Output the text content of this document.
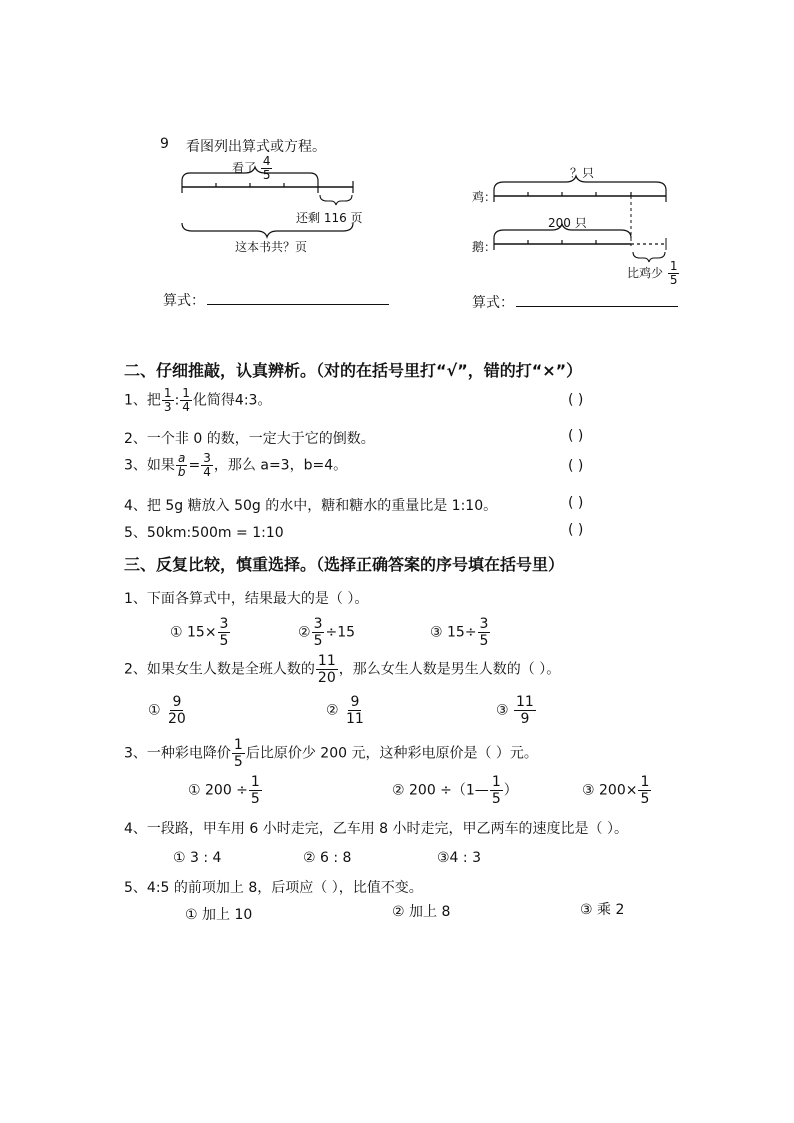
9 看图列出算式或方程。
看了 $\frac{4}{5}$
还剩 116 页
这本书共？页
？只
鸡：
200 只
鹅：
比鸡少 $\frac{1}{5}$
算式：	算式：
二、仔细推敲，认真辨析。（对的在括号里打“√”，错的打“×”）
1、把 $\frac{1}{3}$ : $\frac{1}{4}$ 化简得4:3。	( )
2、一个非 0 的数，一定大于它的倒数。	( )
3、如果 $\frac{a}{b} = \frac{3}{4}$ ，那么 a=3，b=4。	( )
4、把 5g 糖放入 50g 的水中，糖和糖水的重量比是 1:10。	( )
5、50km:500m = 1:10	( )
三、反复比较，慎重选择。（选择正确答案的序号填在括号里）
1、下面各算式中，结果最大的是（ ）。
① $15\times \frac{3}{5}$	② $\frac{3}{5} \div 15$	③ $15\div \frac{3}{5}$
2、如果女生人数是全班人数的 $\frac{11}{20}$ ，那么女生人数是男生人数的（ ）。
① $\frac{9}{20}$	② $\frac{9}{11}$	③ $\frac{11}{9}$
3、一种彩电降价 $\frac{1}{5}$ 后比原价少 200 元，这种彩电原价是（ ）元。
① $200 \div \frac{1}{5}$	② 200 ÷（1— $\frac{1}{5}$ ）	③ $200\times \frac{1}{5}$
4、一段路，甲车用 6 小时走完，乙车用 8 小时走完，甲乙两车的速度比是（ ）。
① 3 : 4	② 6 : 8	③4 : 3
5、4:5 的前项加上 8，后项应（ ），比值不变。
① 加上 10	② 加上 8	③ 乘 2
